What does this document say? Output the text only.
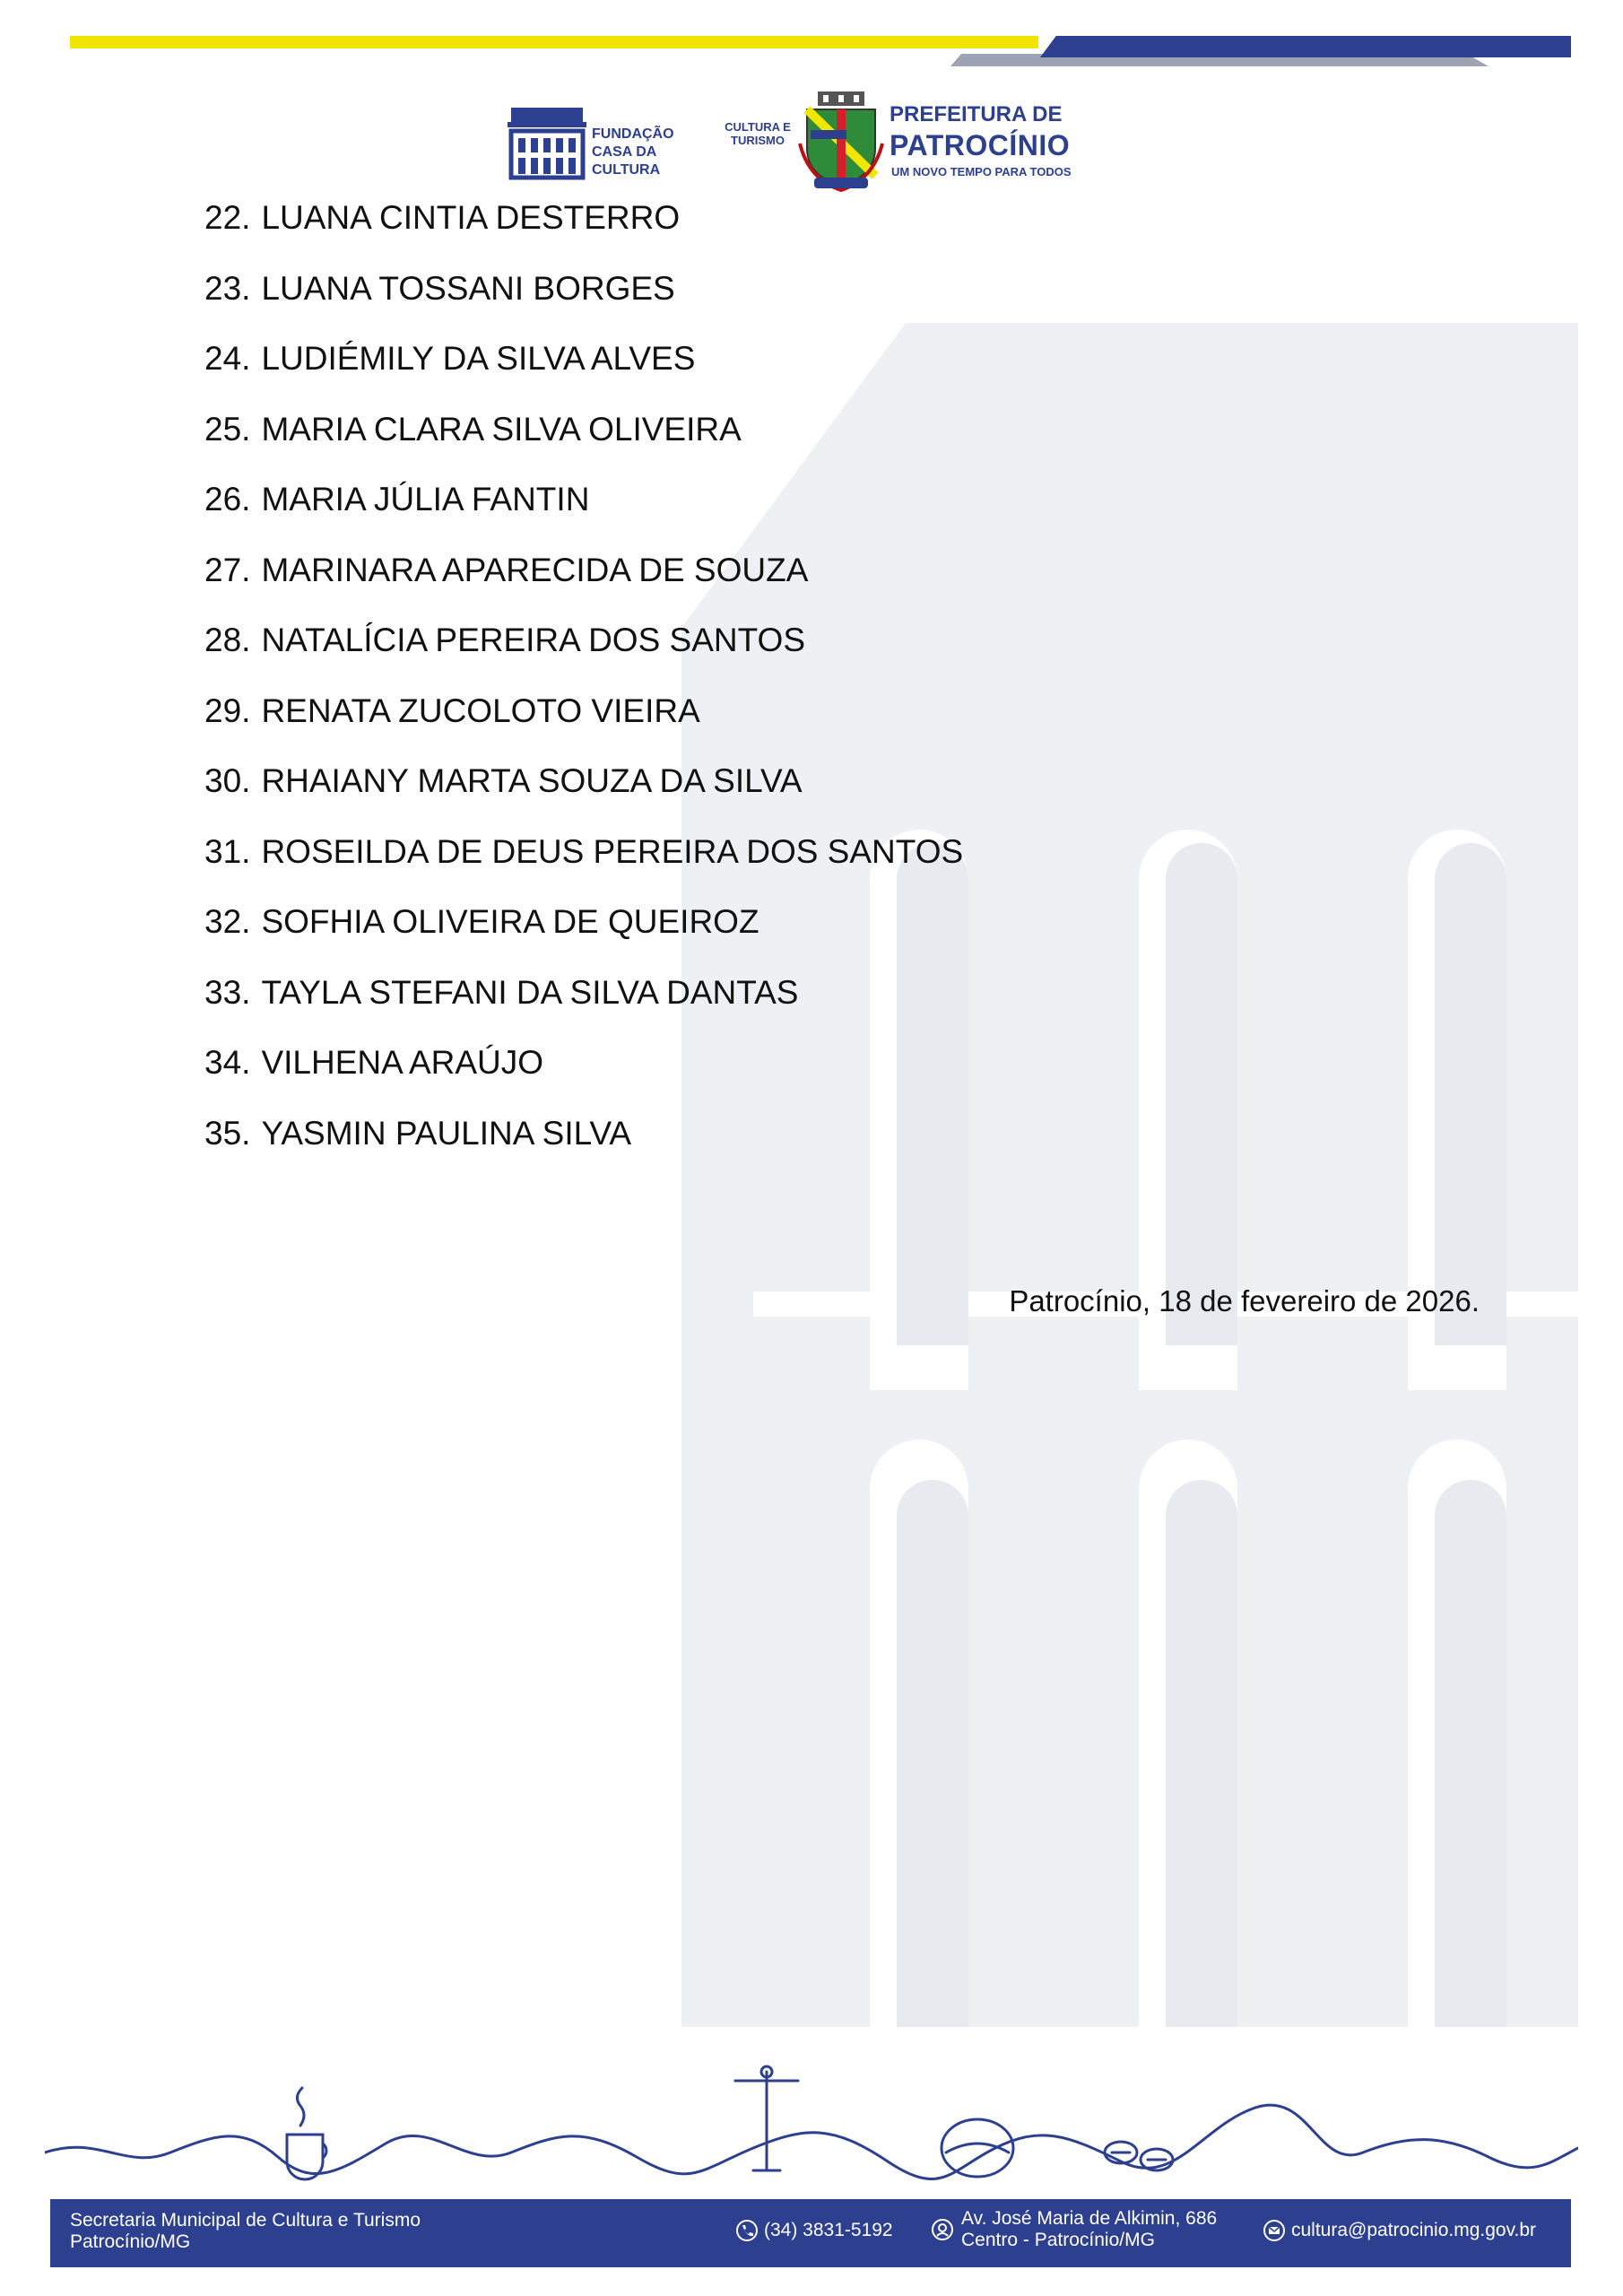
FUNDAÇÃO
CASA DA
CULTURA
CULTURA E
TURISMO
PREFEITURA DE
PATROCÍNIO
UM NOVO TEMPO PARA TODOS
22. LUANA CINTIA DESTERRO
23. LUANA TOSSANI BORGES
24. LUDIÉMILY DA SILVA ALVES
25. MARIA CLARA SILVA OLIVEIRA
26. MARIA JÚLIA FANTIN
27. MARINARA APARECIDA DE SOUZA
28. NATALÍCIA PEREIRA DOS SANTOS
29. RENATA ZUCOLOTO VIEIRA
30. RHAIANY MARTA SOUZA DA SILVA
31. ROSEILDA DE DEUS PEREIRA DOS SANTOS
32. SOFHIA OLIVEIRA DE QUEIROZ
33. TAYLA STEFANI DA SILVA DANTAS
34. VILHENA ARAÚJO
35. YASMIN PAULINA SILVA
Patrocínio, 18 de fevereiro de 2026.
Secretaria Municipal de Cultura e Turismo
Patrocínio/MG
(34) 3831-5192
Av. José Maria de Alkimin, 686
Centro - Patrocínio/MG	cultura@patrocinio.mg.gov.br
